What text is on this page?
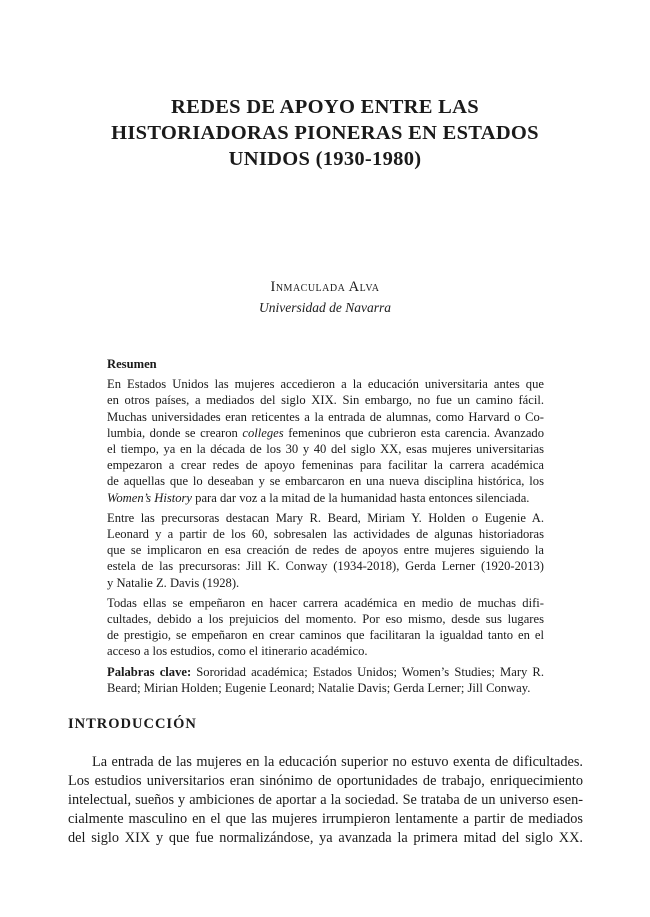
REDES DE APOYO ENTRE LAS
HISTORIADORAS PIONERAS EN ESTADOS
UNIDOS (1930-1980)
Inmaculada Alva
Universidad de Navarra
Resumen
En Estados Unidos las mujeres accedieron a la educación universitaria antes que
en otros países, a mediados del siglo XIX. Sin embargo, no fue un camino fácil.
Muchas universidades eran reticentes a la entrada de alumnas, como Harvard o Co-
lumbia, donde se crearon colleges femeninos que cubrieron esta carencia. Avanzado
el tiempo, ya en la década de los 30 y 40 del siglo XX, esas mujeres universitarias
empezaron a crear redes de apoyo femeninas para facilitar la carrera académica
de aquellas que lo deseaban y se embarcaron en una nueva disciplina histórica, los
Women’s History para dar voz a la mitad de la humanidad hasta entonces silenciada.
Entre las precursoras destacan Mary R. Beard, Miriam Y. Holden o Eugenie A.
Leonard y a partir de los 60, sobresalen las actividades de algunas historiadoras
que se implicaron en esa creación de redes de apoyos entre mujeres siguiendo la
estela de las precursoras: Jill K. Conway (1934-2018), Gerda Lerner (1920-2013)
y Natalie Z. Davis (1928).
Todas ellas se empeñaron en hacer carrera académica en medio de muchas difi-
cultades, debido a los prejuicios del momento. Por eso mismo, desde sus lugares
de prestigio, se empeñaron en crear caminos que facilitaran la igualdad tanto en el
acceso a los estudios, como el itinerario académico.
Palabras clave: Sororidad académica; Estados Unidos; Women’s Studies; Mary R.
Beard; Mirian Holden; Eugenie Leonard; Natalie Davis; Gerda Lerner; Jill Conway.
INTRODUCCIÓN
La entrada de las mujeres en la educación superior no estuvo exenta de dificultades.
Los estudios universitarios eran sinónimo de oportunidades de trabajo, enriquecimiento
intelectual, sueños y ambiciones de aportar a la sociedad. Se trataba de un universo esen-
cialmente masculino en el que las mujeres irrumpieron lentamente a partir de mediados
del siglo XIX y que fue normalizándose, ya avanzada la primera mitad del siglo XX.
